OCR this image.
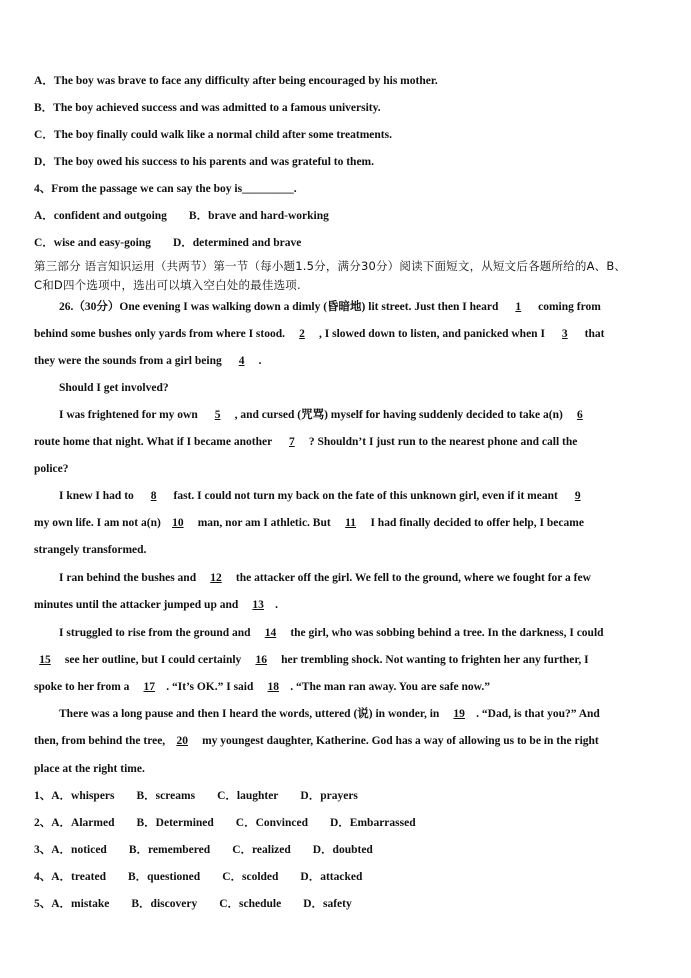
A．The boy was brave to face any difficulty after being encouraged by his mother.
B．The boy achieved success and was admitted to a famous university.
C．The boy finally could walk like a normal child after some treatments.
D．The boy owed his success to his parents and was grateful to them.
4、From the passage we can say the boy is_________.
A．confident and outgoing B．brave and hard-working
C．wise and easy-going D．determined and brave
第三部分 语言知识运用（共两节）第一节（每小题1.5分，满分30分）阅读下面短文，从短文后各题所给的A、B、
C和D四个选项中，选出可以填入空白处的最佳选项.
26.（30分）One evening I was walking down a dimly (昏暗地) lit street. Just then I heard 1 coming from
behind some bushes only yards from where I stood. 2 , I slowed down to listen, and panicked when I 3 that
they were the sounds from a girl being 4 .
Should I get involved?
I was frightened for my own 5 , and cursed (咒骂) myself for having suddenly decided to take a(n) 6
route home that night. What if I became another 7 ? Shouldn’t I just run to the nearest phone and call the
police?
I knew I had to 8 fast. I could not turn my back on the fate of this unknown girl, even if it meant 9
my own life. I am not a(n) 10 man, nor am I athletic. But 11 I had finally decided to offer help, I became
strangely transformed.
I ran behind the bushes and 12 the attacker off the girl. We fell to the ground, where we fought for a few
minutes until the attacker jumped up and 13 .
I struggled to rise from the ground and 14 the girl, who was sobbing behind a tree. In the darkness, I could
15 see her outline, but I could certainly 16 her trembling shock. Not wanting to frighten her any further, I
spoke to her from a 17 . “It’s OK.” I said 18 . “The man ran away. You are safe now.”
There was a long pause and then I heard the words, uttered (说) in wonder, in 19 . “Dad, is that you?” And
then, from behind the tree, 20 my youngest daughter, Katherine. God has a way of allowing us to be in the right
place at the right time.
1、A．whispers B．screams C．laughter D．prayers
2、A．Alarmed B．Determined C．Convinced D．Embarrassed
3、A．noticed B．remembered C．realized D．doubted
4、A．treated B．questioned C．scolded D．attacked
5、A．mistake B．discovery C．schedule D．safety
